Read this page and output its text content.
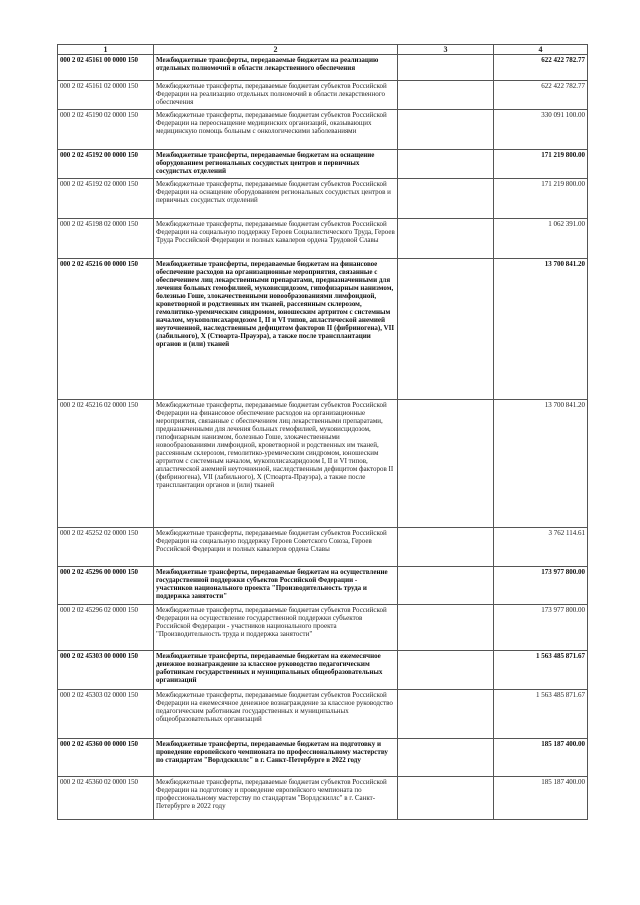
1	2	3	4
000 2 02 45161 00 0000 150	Межбюджетные трансферты, передаваемые бюджетам на реализацию отдельных полномочий в области лекарственного обеспечения		622 422 782.77
000 2 02 45161 02 0000 150	Межбюджетные трансферты, передаваемые бюджетам субъектов Российской Федерации на реализацию отдельных полномочий в области лекарственного обеспечения		622 422 782.77
000 2 02 45190 02 0000 150	Межбюджетные трансферты, передаваемые бюджетам субъектов Российской Федерации на переоснащение медицинских организаций, оказывающих медицинскую помощь больным с онкологическими заболеваниями		330 091 100.00
000 2 02 45192 00 0000 150	Межбюджетные трансферты, передаваемые бюджетам на оснащение оборудованием региональных сосудистых центров и первичных сосудистых отделений		171 219 800.00
000 2 02 45192 02 0000 150	Межбюджетные трансферты, передаваемые бюджетам субъектов Российской Федерации на оснащение оборудованием региональных сосудистых центров и первичных сосудистых отделений		171 219 800.00
000 2 02 45198 02 0000 150	Межбюджетные трансферты, передаваемые бюджетам субъектов Российской Федерации на социальную поддержку Героев Социалистического Труда, Героев Труда Российской Федерации и полных кавалеров ордена Трудовой Славы		1 062 391.00
000 2 02 45216 00 0000 150	Межбюджетные трансферты, передаваемые бюджетам на финансовое обеспечение расходов на организационные мероприятия, связанные с обеспечением лиц лекарственными препаратами, предназначенными для лечения больных гемофилией, муковисцидозом, гипофизарным нанизмом, болезнью Гоше, злокачественными новообразованиями лимфоидной, кроветворной и родственных им тканей, рассеянным склерозом, гемолитико-уремическим синдромом, юношеским артритом с системным началом, мукополисахаридозом I, II и VI типов, апластической анемией неуточненной, наследственным дефицитом факторов II (фибриногена), VII (лабильного), X (Стюарта-Прауэра), а также после трансплантации органов и (или) тканей		13 700 841.20
000 2 02 45216 02 0000 150	Межбюджетные трансферты, передаваемые бюджетам субъектов Российской Федерации на финансовое обеспечение расходов на организационные мероприятия, связанные с обеспечением лиц лекарственными препаратами, предназначенными для лечения больных гемофилией, муковисцидозом, гипофизарным нанизмом, болезнью Гоше, злокачественными новообразованиями лимфоидной, кроветворной и родственных им тканей, рассеянным склерозом, гемолитико-уремическим синдромом, юношеским артритом с системным началом, мукополисахаридозом I, II и VI типов, апластической анемией неуточненной, наследственным дефицитом факторов II (фибриногена), VII (лабильного), X (Стюарта-Прауэра), а также после трансплантации органов и (или) тканей		13 700 841.20
000 2 02 45252 02 0000 150	Межбюджетные трансферты, передаваемые бюджетам субъектов Российской Федерации на социальную поддержку Героев Советского Союза, Героев Российской Федерации и полных кавалеров ордена Славы		3 762 114.61
000 2 02 45296 00 0000 150	Межбюджетные трансферты, передаваемые бюджетам на осуществление государственной поддержки субъектов Российской Федерации - участников национального проекта "Производительность труда и поддержка занятости"		173 977 800.00
000 2 02 45296 02 0000 150	Межбюджетные трансферты, передаваемые бюджетам субъектов Российской Федерации на осуществление государственной поддержки субъектов Российской Федерации - участников национального проекта "Производительность труда и поддержка занятости"		173 977 800.00
000 2 02 45303 00 0000 150	Межбюджетные трансферты, передаваемые бюджетам на ежемесячное денежное вознаграждение за классное руководство педагогическим работникам государственных и муниципальных общеобразовательных организаций		1 563 485 871.67
000 2 02 45303 02 0000 150	Межбюджетные трансферты, передаваемые бюджетам субъектов Российской Федерации на ежемесячное денежное вознаграждение за классное руководство педагогическим работникам государственных и муниципальных общеобразовательных организаций		1 563 485 871.67
000 2 02 45360 00 0000 150	Межбюджетные трансферты, передаваемые бюджетам на подготовку и проведение европейского чемпионата по профессиональному мастерству по стандартам "Ворлдскиллс" в г. Санкт-Петербурге в 2022 году		185 187 400.00
000 2 02 45360 02 0000 150	Межбюджетные трансферты, передаваемые бюджетам субъектов Российской Федерации на подготовку и проведение европейского чемпионата по профессиональному мастерству по стандартам "Ворлдскиллс" в г. Санкт-Петербурге в 2022 году		185 187 400.00
